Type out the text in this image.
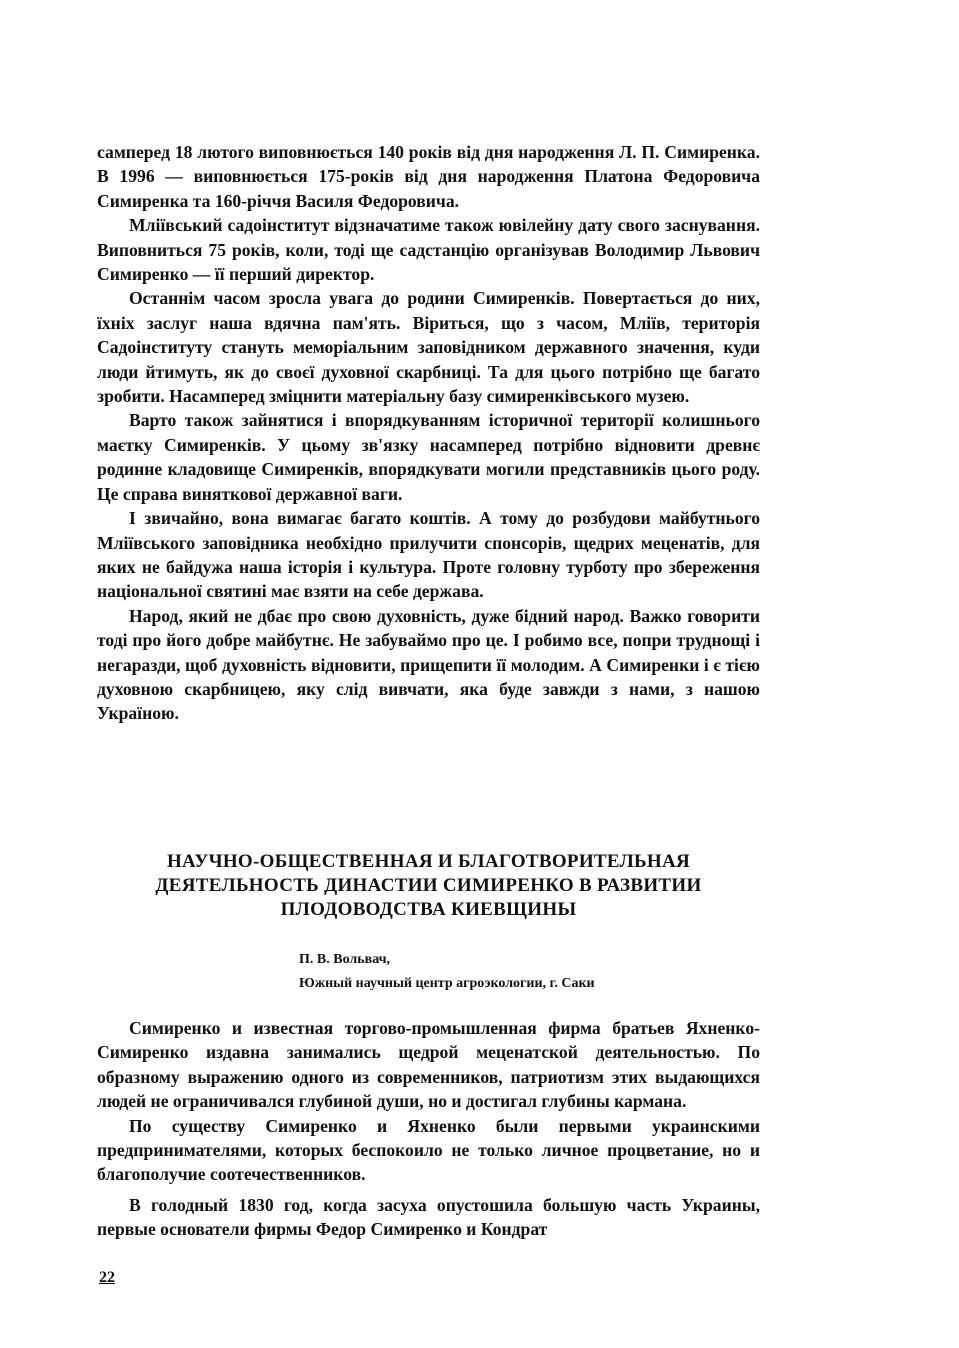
самперед 18 лютого виповнюється 140 років від дня народження Л. П. Симиренка. В 1996 — виповнюється 175-років від дня народження Платона Федоровича Симиренка та 160-річчя Василя Федоровича.

Мліївський садоінститут відзначатиме також ювілейну дату свого заснування. Виповниться 75 років, коли, тоді ще садстанцію організував Володимир Львович Симиренко — її перший директор.

Останнім часом зросла увага до родини Симиренків. Повертається до них, їхніх заслуг наша вдячна пам'ять. Віриться, що з часом, Мліїв, територія Садоінституту стануть меморіальним заповідником державного значення, куди люди йтимуть, як до своєї духовної скарбниці. Та для цього потрібно ще багато зробити. Насамперед зміцнити матеріальну базу симиренківського музею.

Варто також зайнятися і впорядкуванням історичної території колишнього маєтку Симиренків. У цьому зв'язку насамперед потрібно відновити древнє родинне кладовище Симиренків, впорядкувати могили представників цього роду. Це справа виняткової державної ваги.

І звичайно, вона вимагає багато коштів. А тому до розбудови майбутнього Мліївського заповідника необхідно прилучити спонсорів, щедрих меценатів, для яких не байдужа наша історія і культура. Проте головну турботу про збереження національної святині має взяти на себе держава.

Народ, який не дбає про свою духовність, дуже бідний народ. Важко говорити тоді про його добре майбутнє. Не забуваймо про це. І робимо все, попри труднощі і негаразди, щоб духовність відновити, прищепити її молодим. А Симиренки і є тією духовною скарбницею, яку слід вивчати, яка буде завжди з нами, з нашою Україною.

НАУЧНО-ОБЩЕСТВЕННАЯ И БЛАГОТВОРИТЕЛЬНАЯ
ДЕЯТЕЛЬНОСТЬ ДИНАСТИИ СИМИРЕНКО В РАЗВИТИИ
ПЛОДОВОДСТВА КИЕВЩИНЫ
П. В. Вольвач,
Южный научный центр агроэкологии, г. Саки

Симиренко и известная торгово-промышленная фирма братьев Яхненко-Симиренко издавна занимались щедрой меценатской деятельностью. По образному выражению одного из современников, патриотизм этих выдающихся людей не ограничивался глубиной души, но и достигал глубины кармана.

По существу Симиренко и Яхненко были первыми украинскими предпринимателями, которых беспокоило не только личное процветание, но и благополучие соотечественников.

В голодный 1830 год, когда засуха опустошила большую часть Украины, первые основатели фирмы Федор Симиренко и Кондрат

22
